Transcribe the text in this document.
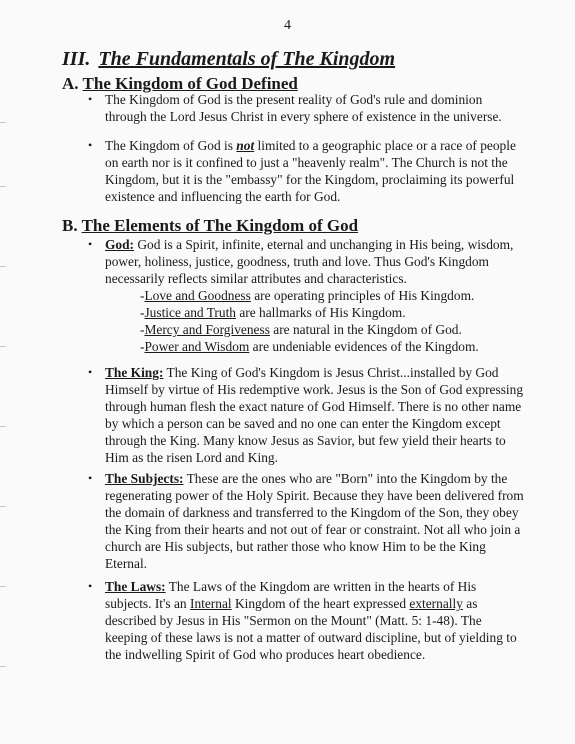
4
III. The Fundamentals of The Kingdom
A. The Kingdom of God Defined
• The Kingdom of God is the present reality of God's rule and dominion through the Lord Jesus Christ in every sphere of existence in the universe.
• The Kingdom of God is not limited to a geographic place or a race of people on earth nor is it confined to just a "heavenly realm". The Church is not the Kingdom, but it is the "embassy" for the Kingdom, proclaiming its powerful existence and influencing the earth for God.
B. The Elements of The Kingdom of God
• God: God is a Spirit, infinite, eternal and unchanging in His being, wisdom, power, holiness, justice, goodness, truth and love. Thus God's Kingdom necessarily reflects similar attributes and characteristics.
-Love and Goodness are operating principles of His Kingdom.
-Justice and Truth are hallmarks of His Kingdom.
-Mercy and Forgiveness are natural in the Kingdom of God.
-Power and Wisdom are undeniable evidences of the Kingdom.
• The King: The King of God's Kingdom is Jesus Christ...installed by God Himself by virtue of His redemptive work. Jesus is the Son of God expressing through human flesh the exact nature of God Himself. There is no other name by which a person can be saved and no one can enter the Kingdom except through the King. Many know Jesus as Savior, but few yield their hearts to Him as the risen Lord and King.
• The Subjects: These are the ones who are "Born" into the Kingdom by the regenerating power of the Holy Spirit. Because they have been delivered from the domain of darkness and transferred to the Kingdom of the Son, they obey the King from their hearts and not out of fear or constraint. Not all who join a church are His subjects, but rather those who know Him to be the King Eternal.
• The Laws: The Laws of the Kingdom are written in the hearts of His subjects. It's an Internal Kingdom of the heart expressed externally as described by Jesus in His "Sermon on the Mount" (Matt. 5: 1-48). The keeping of these laws is not a matter of outward discipline, but of yielding to the indwelling Spirit of God who produces heart obedience.
